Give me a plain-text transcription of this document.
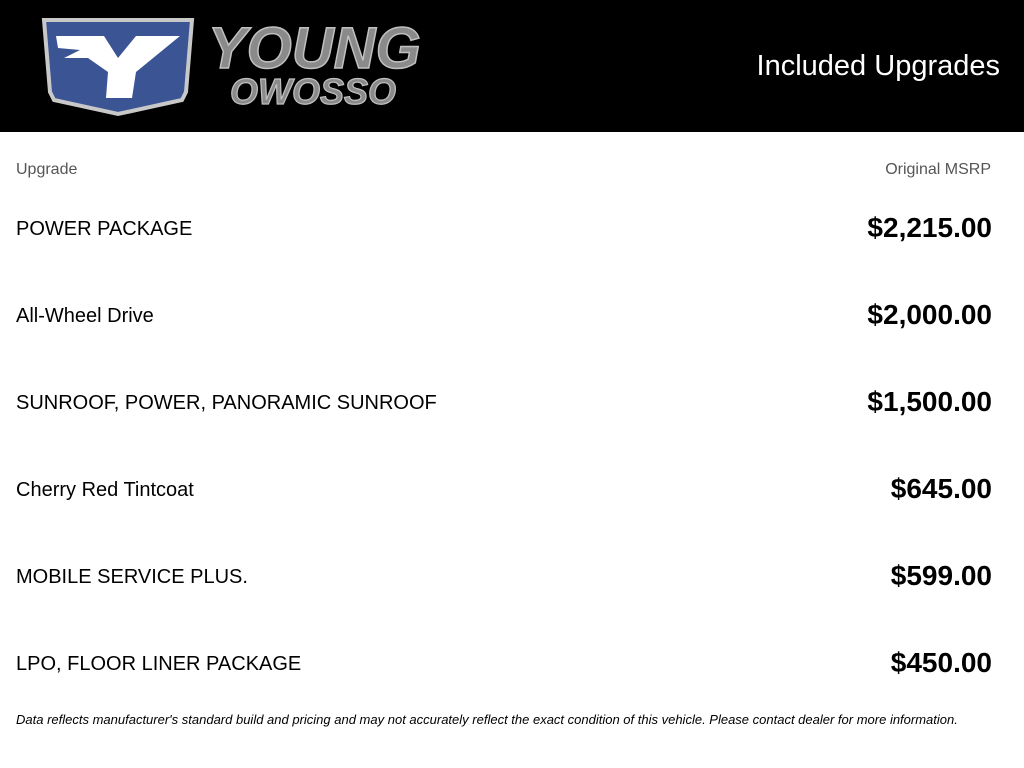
YOUNG
OWOSSO
Included Upgrades
Upgrade	Original MSRP
POWER PACKAGE	$2,215.00
All-Wheel Drive	$2,000.00
SUNROOF, POWER, PANORAMIC SUNROOF	$1,500.00
Cherry Red Tintcoat	$645.00
MOBILE SERVICE PLUS.	$599.00
LPO, FLOOR LINER PACKAGE	$450.00
Data reflects manufacturer's standard build and pricing and may not accurately reflect the exact condition of this vehicle. Please contact dealer for more information.
